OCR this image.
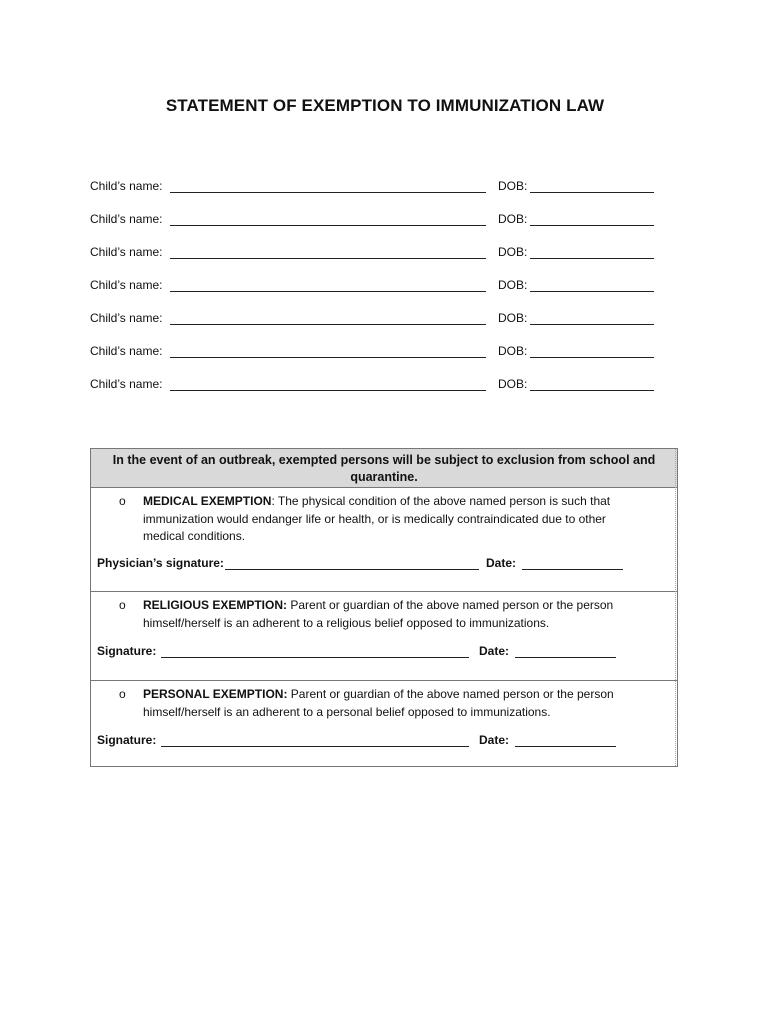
STATEMENT OF EXEMPTION TO IMMUNIZATION LAW
Child’s name:	DOB:
Child’s name:	DOB:
Child’s name:	DOB:
Child’s name:	DOB:
Child’s name:	DOB:
Child’s name:	DOB:
Child’s name:	DOB:
In the event of an outbreak, exempted persons will be subject to exclusion from school and quarantine.
o MEDICAL EXEMPTION: The physical condition of the above named person is such that immunization would endanger life or health, or is medically contraindicated due to other medical conditions.
Physician’s signature:	Date:
o RELIGIOUS EXEMPTION: Parent or guardian of the above named person or the person himself/herself is an adherent to a religious belief opposed to immunizations.
Signature:	Date:
o PERSONAL EXEMPTION: Parent or guardian of the above named person or the person himself/herself is an adherent to a personal belief opposed to immunizations.
Signature:	Date:
